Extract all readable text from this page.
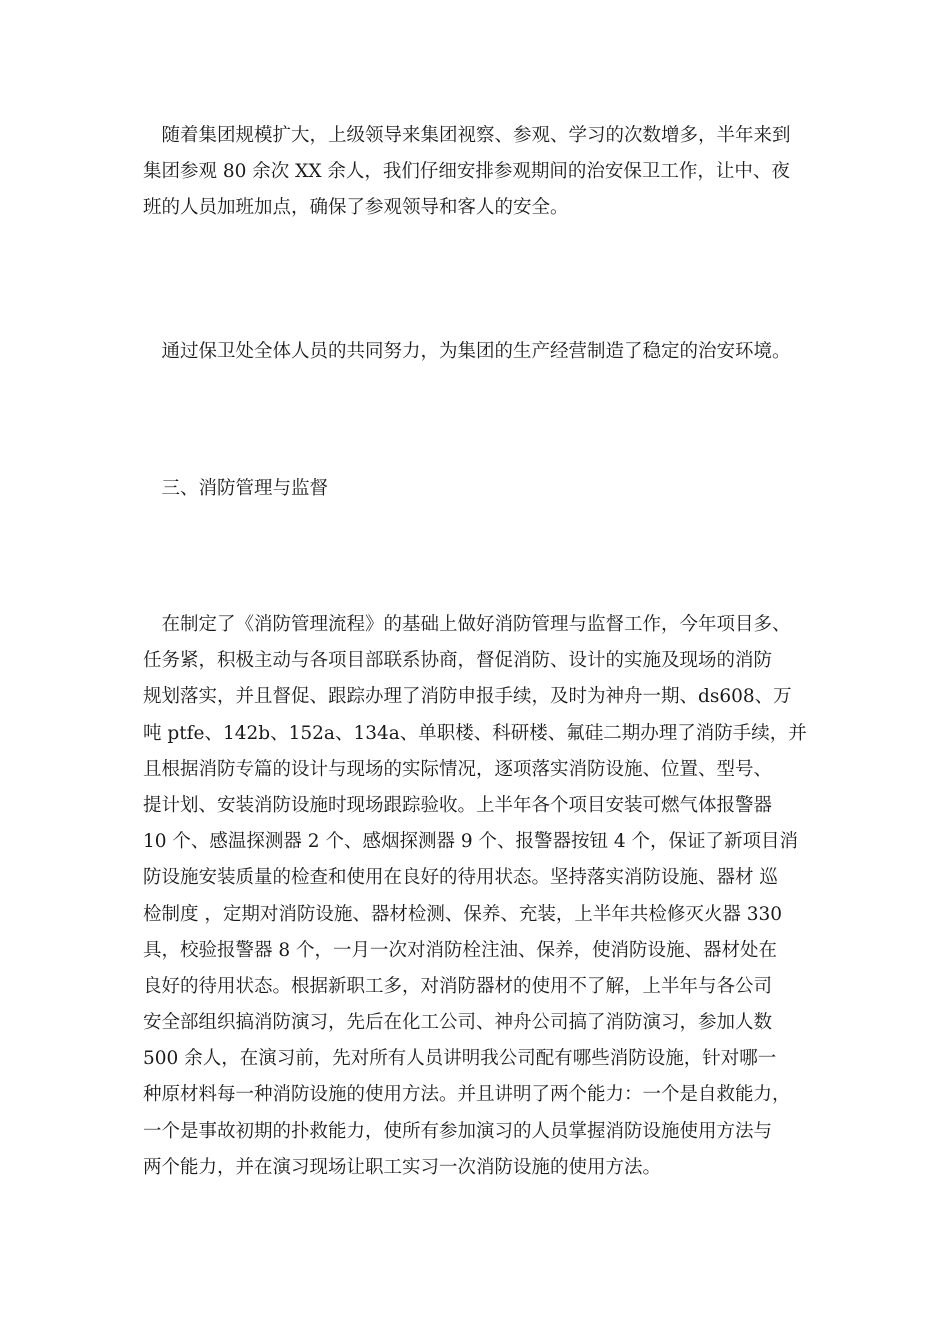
　随着集团规模扩大，上级领导来集团视察、参观、学习的次数增多，半年来到
集团参观 80 余次 XX 余人，我们仔细安排参观期间的治安保卫工作，让中、夜
班的人员加班加点，确保了参观领导和客人的安全。

　通过保卫处全体人员的共同努力，为集团的生产经营制造了稳定的治安环境。

　三、消防管理与监督

　在制定了《消防管理流程》的基础上做好消防管理与监督工作，今年项目多、
任务紧，积极主动与各项目部联系协商，督促消防、设计的实施及现场的消防
规划落实，并且督促、跟踪办理了消防申报手续，及时为神舟一期、ds608、万
吨 ptfe、142b、152a、134a、单职楼、科研楼、氟硅二期办理了消防手续，并
且根据消防专篇的设计与现场的实际情况，逐项落实消防设施、位置、型号、
提计划、安装消防设施时现场跟踪验收。上半年各个项目安装可燃气体报警器
10 个、感温探测器 2 个、感烟探测器 9 个、报警器按钮 4 个，保证了新项目消
防设施安装质量的检查和使用在良好的待用状态。坚持落实消防设施、器材 巡
检制度 ，定期对消防设施、器材检测、保养、充装，上半年共检修灭火器 330
具，校验报警器 8 个，一月一次对消防栓注油、保养，使消防设施、器材处在
良好的待用状态。根据新职工多，对消防器材的使用不了解，上半年与各公司
安全部组织搞消防演习，先后在化工公司、神舟公司搞了消防演习，参加人数
500 余人，在演习前，先对所有人员讲明我公司配有哪些消防设施，针对哪一
种原材料每一种消防设施的使用方法。并且讲明了两个能力：一个是自救能力，
一个是事故初期的扑救能力，使所有参加演习的人员掌握消防设施使用方法与
两个能力，并在演习现场让职工实习一次消防设施的使用方法。
